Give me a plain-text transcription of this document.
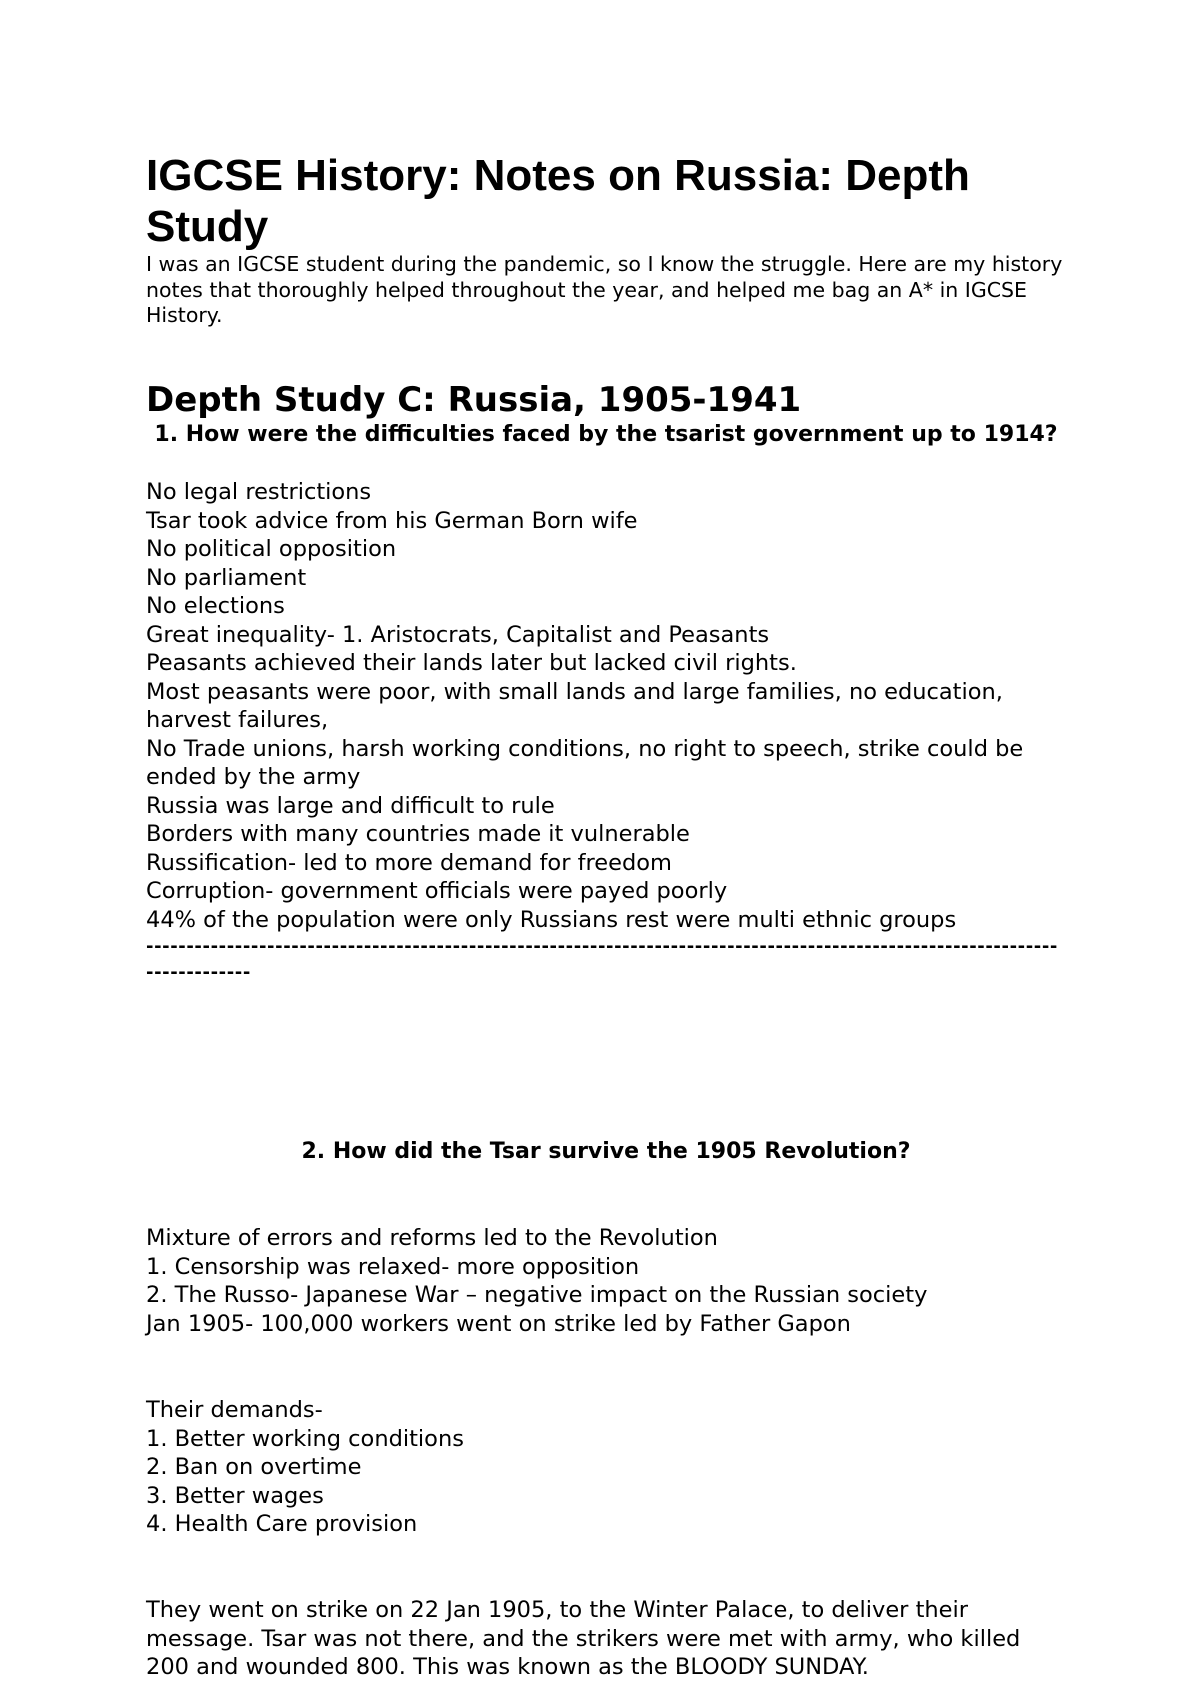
IGCSE History: Notes on Russia: Depth Study

I was an IGCSE student during the pandemic, so I know the struggle. Here are my history notes that thoroughly helped throughout the year, and helped me bag an A* in IGCSE History.

Depth Study C: Russia, 1905-1941

1. How were the difficulties faced by the tsarist government up to 1914?

No legal restrictions

Tsar took advice from his German Born wife

No political opposition

No parliament

No elections

Great inequality- 1. Aristocrats, Capitalist and Peasants

Peasants achieved their lands later but lacked civil rights.

Most peasants were poor, with small lands and large families, no education, harvest failures,

No Trade unions, harsh working conditions, no right to speech, strike could be ended by the army

Russia was large and difficult to rule

Borders with many countries made it vulnerable

Russification- led to more demand for freedom

Corruption- government officials were payed poorly

44% of the population were only Russians rest were multi ethnic groups

------------------------------------------------------------------------------------------------------------------------------

2. How did the Tsar survive the 1905 Revolution?

Mixture of errors and reforms led to the Revolution

1. Censorship was relaxed- more opposition

2. The Russo- Japanese War – negative impact on the Russian society

Jan 1905- 100,000 workers went on strike led by Father Gapon

Their demands-

1. Better working conditions

2. Ban on overtime

3. Better wages

4. Health Care provision

They went on strike on 22 Jan 1905, to the Winter Palace, to deliver their message. Tsar was not there, and the strikers were met with army, who killed 200 and wounded 800. This was known as the BLOODY SUNDAY.
